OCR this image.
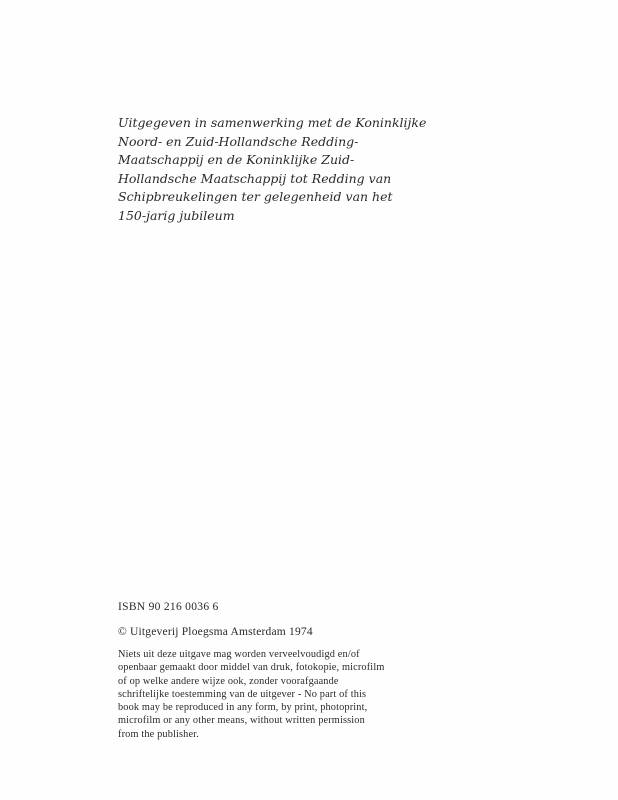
Uitgegeven in samenwerking met de Koninklijke
Noord- en Zuid-Hollandsche Redding-
Maatschappij en de Koninklijke Zuid-
Hollandsche Maatschappij tot Redding van
Schipbreukelingen ter gelegenheid van het
150-jarig jubileum
ISBN 90 216 0036 6
© Uitgeverij Ploegsma Amsterdam 1974
Niets uit deze uitgave mag worden verveelvoudigd en/of
openbaar gemaakt door middel van druk, fotokopie, microfilm
of op welke andere wijze ook, zonder voorafgaande
schriftelijke toestemming van de uitgever - No part of this
book may be reproduced in any form, by print, photoprint,
microfilm or any other means, without written permission
from the publisher.
